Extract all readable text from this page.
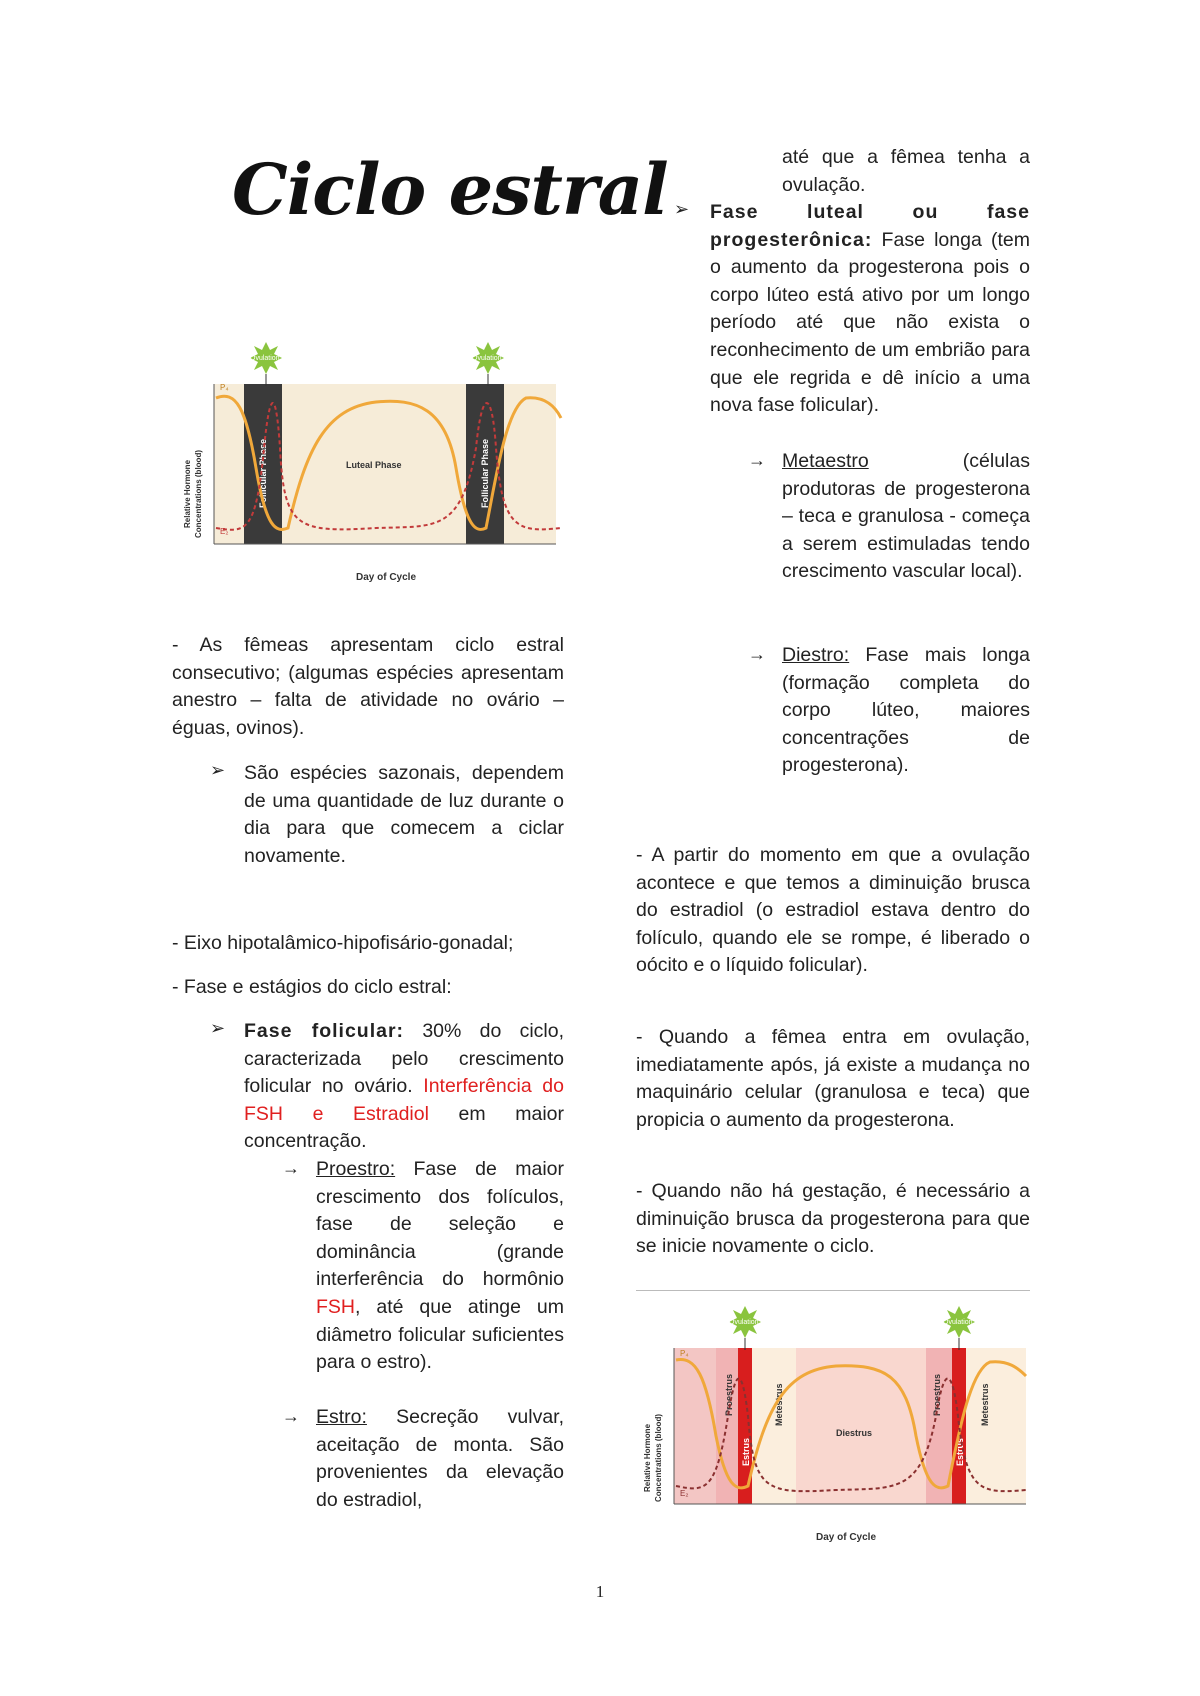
Ciclo estral
Follicular Phase	Follicular Phase
Luteal Phase
Ovulation	Ovulation
P₄
E₂
Day of Cycle
Relative Hormone Concentrations (blood)

- As fêmeas apresentam ciclo estral consecutivo; (algumas espécies apresentam anestro – falta de atividade no ovário – éguas, ovinos).

➢ São espécies sazonais, dependem de uma quantidade de luz durante o dia para que comecem a ciclar novamente.

- Eixo hipotalâmico-hipofisário-gonadal;

- Fase e estágios do ciclo estral:

➢ Fase folicular: 30% do ciclo, caracterizada pelo crescimento folicular no ovário. Interferência do FSH e Estradiol em maior concentração.

→ Proestro: Fase de maior crescimento dos folículos, fase de seleção e dominância (grande interferência do hormônio FSH, até que atinge um diâmetro folicular suficientes para o estro).

→ Estro: Secreção vulvar, aceitação de monta. São provenientes da elevação do estradiol,

até que a fêmea tenha a ovulação.

➢ Fase luteal ou fase progesterônica: Fase longa (tem o aumento da progesterona pois o corpo lúteo está ativo por um longo período até que não exista o reconhecimento de um embrião para que ele regrida e dê início a uma nova fase folicular).

→ Metaestro (células produtoras de progesterona – teca e granulosa - começa a serem estimuladas tendo crescimento vascular local).

→ Diestro: Fase mais longa (formação completa do corpo lúteo, maiores concentrações de progesterona).

- A partir do momento em que a ovulação acontece e que temos a diminuição brusca do estradiol (o estradiol estava dentro do folículo, quando ele se rompe, é liberado o oócito e o líquido folicular).

- Quando a fêmea entra em ovulação, imediatamente após, já existe a mudança no maquinário celular (granulosa e teca) que propicia o aumento da progesterona.

- Quando não há gestação, é necessário a diminuição brusca da progesterona para que se inicie novamente o ciclo.

Proestrus
Estrus
Metestrus
Diestrus
Proestrus
Estrus
Metestrus
Ovulation	Ovulation
P₄
E₂
Day of Cycle
Relative Hormone Concentrations (blood)
1
